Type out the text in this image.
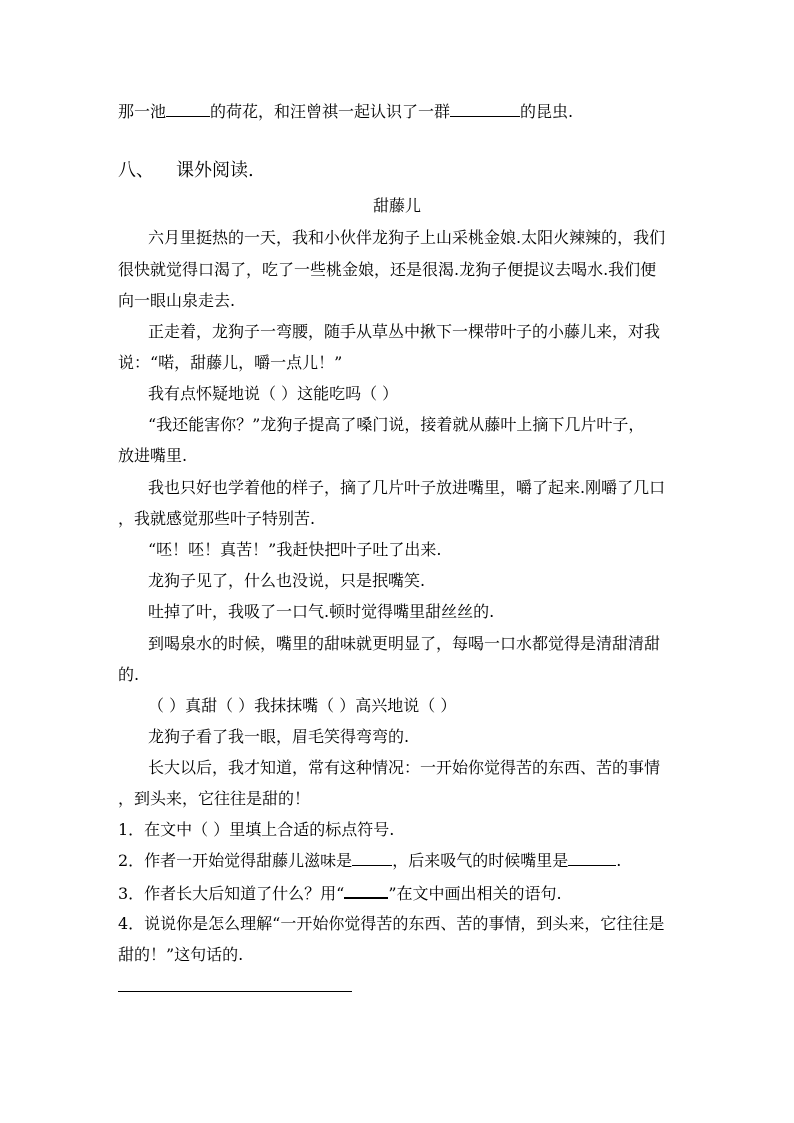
那一池	的荷花，和汪曾祺一起认识了一群	的昆虫.
八、 课外阅读.
甜藤儿
六月里挺热的一天，我和小伙伴龙狗子上山采桃金娘.太阳火辣辣的，我们
很快就觉得口渴了，吃了一些桃金娘，还是很渴.龙狗子便提议去喝水.我们便
向一眼山泉走去.
正走着，龙狗子一弯腰，随手从草丛中揪下一棵带叶子的小藤儿来，对我
说：“喏，甜藤儿，嚼一点儿！”
我有点怀疑地说（ ）这能吃吗（ ）
“我还能害你？”龙狗子提高了嗓门说，接着就从藤叶上摘下几片叶子，
放进嘴里.
我也只好也学着他的样子，摘了几片叶子放进嘴里，嚼了起来.刚嚼了几口
，我就感觉那些叶子特别苦.
“呸！呸！真苦！”我赶快把叶子吐了出来.
龙狗子见了，什么也没说，只是抿嘴笑.
吐掉了叶，我吸了一口气.顿时觉得嘴里甜丝丝的.
到喝泉水的时候，嘴里的甜味就更明显了，每喝一口水都觉得是清甜清甜
的.
（ ）真甜（ ）我抹抹嘴（ ）高兴地说（ ）
龙狗子看了我一眼，眉毛笑得弯弯的.
长大以后，我才知道，常有这种情况：一开始你觉得苦的东西、苦的事情
，到头来，它往往是甜的！
1．在文中（ ）里填上合适的标点符号.
2．作者一开始觉得甜藤儿滋味是	，后来吸气的时候嘴里是	.
3．作者长大后知道了什么？用“	”在文中画出相关的语句.
4．说说你是怎么理解“一开始你觉得苦的东西、苦的事情，到头来，它往往是
甜的！”这句话的.
